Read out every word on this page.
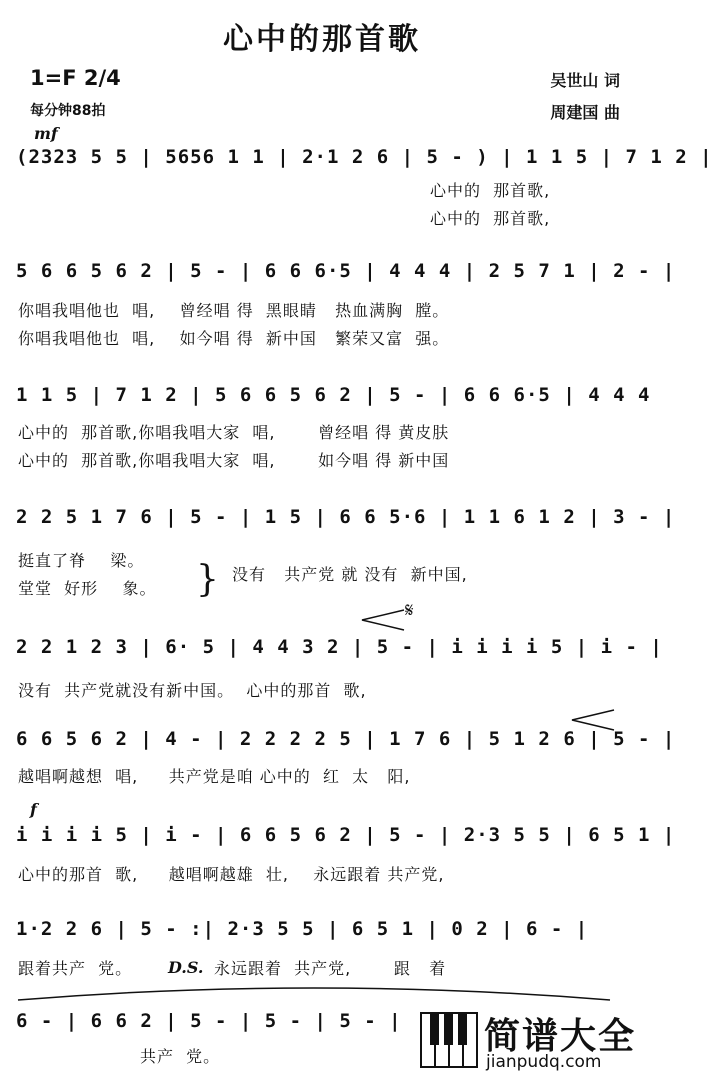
心中的那首歌
1=F 2/4
每分钟88拍
吴世山 词
周建国 曲
mf
(2323 5 5 | 5656 1 1 | 2·1 2 6 | 5 - ) | 1 1 5 | 7 1 2 |
心中的  那首歌,
心中的  那首歌,
5 6 6 5 6 2 | 5 - | 6 6 6·5 | 4 4 4 | 2 5 7 1 | 2 - |
你唱我唱他也  唱,    曾经唱 得  黑眼睛   热血满胸  膛。
你唱我唱他也  唱,    如今唱 得  新中国   繁荣又富  强。
1 1 5 | 7 1 2 | 5 6 6 5 6 2 | 5 - | 6 6 6·5 | 4 4 4
心中的  那首歌,你唱我唱大家  唱,       曾经唱 得 黄皮肤
心中的  那首歌,你唱我唱大家  唱,       如今唱 得 新中国
2 2 5 1 7 6 | 5 - | 1 5 | 6 6 5·6 | 1 1 6 1 2 | 3 - |
挺直了脊    梁。
堂堂  好形    象。	} 没有   共产党 就 没有  新中国,
𝄋
2 2 1 2 3 | 6· 5 | 4 4 3 2 | 5 - | i i i i 5 | i - |
没有  共产党就没有新中国。  心中的那首  歌,
6 6 5 6 2 | 4 - | 2 2 2 2 5 | 1 7 6 | 5 1 2 6 | 5 - |
越唱啊越想  唱,     共产党是咱 心中的  红  太   阳,
f
i i i i 5 | i - | 6 6 5 6 2 | 5 - | 2·3 5 5 | 6 5 1 |
心中的那首  歌,     越唱啊越雄  壮,    永远跟着 共产党,
1·2 2 6 | 5 - :| 2·3 5 5 | 6 5 1 | 0 2 | 6 - |
跟着共产  党。	D.S. 永远跟着  共产党,       跟   着
6 - | 6 6 2 | 5 - | 5 - | 5 - |
共产  党。	简谱大全
jianpudq.com
